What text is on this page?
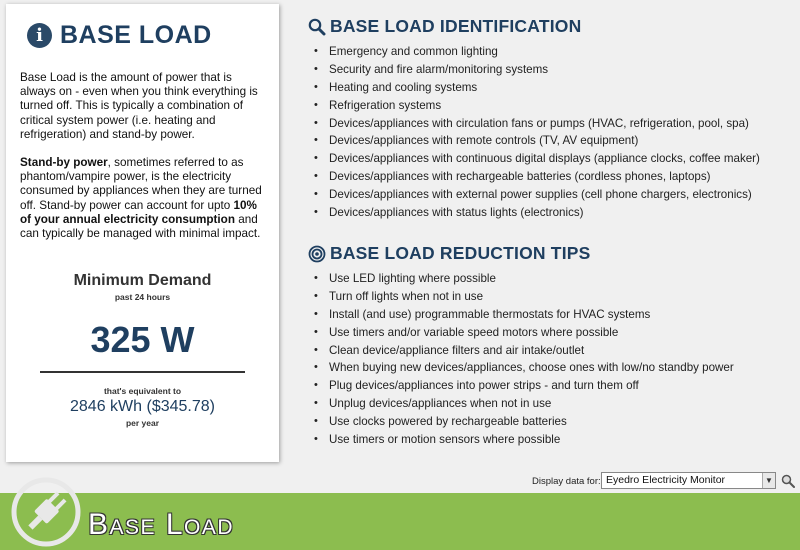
i BASE LOAD

Base Load is the amount of power that is always on - even when you think everything is turned off. This is typically a combination of critical system power (i.e. heating and refrigeration) and stand-by power.

Stand-by power, sometimes referred to as phantom/vampire power, is the electricity consumed by appliances when they are turned off. Stand-by power can account for upto 10% of your annual electricity consumption and can typically be managed with minimal impact.

Minimum Demand
past 24 hours
325 W
that's equivalent to
2846 kWh ($345.78)
per year
BASE LOAD IDENTIFICATION
• Emergency and common lighting
• Security and fire alarm/monitoring systems
• Heating and cooling systems
• Refrigeration systems
• Devices/appliances with circulation fans or pumps (HVAC, refrigeration, pool, spa)
• Devices/appliances with remote controls (TV, AV equipment)
• Devices/appliances with continuous digital displays (appliance clocks, coffee maker)
• Devices/appliances with rechargeable batteries (cordless phones, laptops)
• Devices/appliances with external power supplies (cell phone chargers, electronics)
• Devices/appliances with status lights (electronics)
BASE LOAD REDUCTION TIPS
• Use LED lighting where possible
• Turn off lights when not in use
• Install (and use) programmable thermostats for HVAC systems
• Use timers and/or variable speed motors where possible
• Clean device/appliance filters and air intake/outlet
• When buying new devices/appliances, choose ones with low/no standby power
• Plug devices/appliances into power strips - and turn them off
• Unplug devices/appliances when not in use
• Use clocks powered by rechargeable batteries
• Use timers or motion sensors where possible
Display data for: Eyedro Electricity Monitor	▼
Base Load
